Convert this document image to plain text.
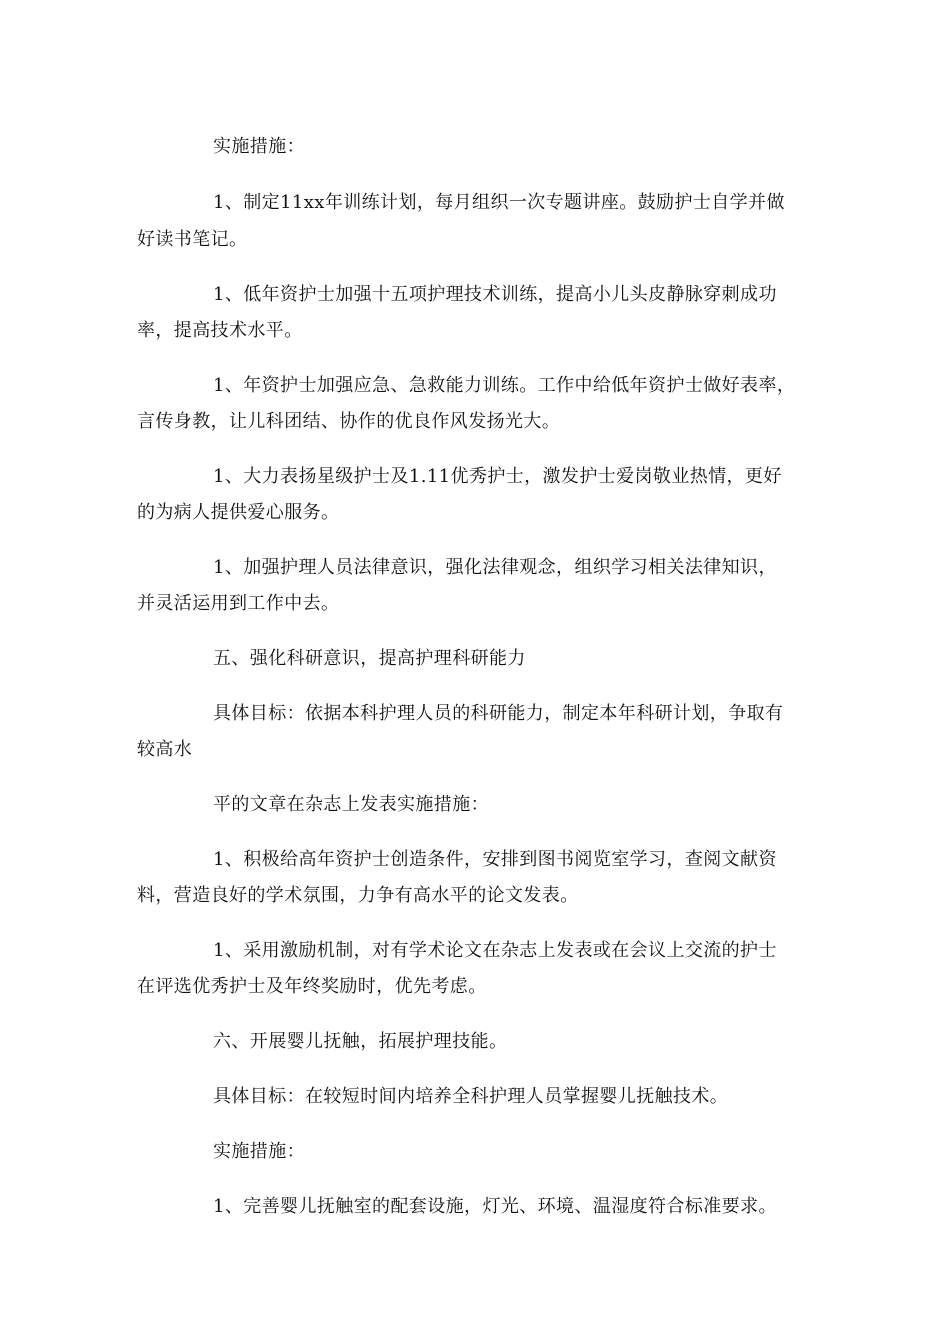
实施措施：
1、制定11xx年训练计划，每月组织一次专题讲座。鼓励护士自学并做
好读书笔记。
1、低年资护士加强十五项护理技术训练，提高小儿头皮静脉穿刺成功
率，提高技术水平。
1、年资护士加强应急、急救能力训练。工作中给低年资护士做好表率，
言传身教，让儿科团结、协作的优良作风发扬光大。
1、大力表扬星级护士及1.11优秀护士，激发护士爱岗敬业热情，更好
的为病人提供爱心服务。
1、加强护理人员法律意识，强化法律观念，组织学习相关法律知识，
并灵活运用到工作中去。
五、强化科研意识，提高护理科研能力
具体目标：依据本科护理人员的科研能力，制定本年科研计划，争取有
较高水
平的文章在杂志上发表实施措施：
1、积极给高年资护士创造条件，安排到图书阅览室学习，查阅文献资
料，营造良好的学术氛围，力争有高水平的论文发表。
1、采用激励机制，对有学术论文在杂志上发表或在会议上交流的护士
在评选优秀护士及年终奖励时，优先考虑。
六、开展婴儿抚触，拓展护理技能。
具体目标：在较短时间内培养全科护理人员掌握婴儿抚触技术。
实施措施：
1、完善婴儿抚触室的配套设施，灯光、环境、温湿度符合标准要求。
